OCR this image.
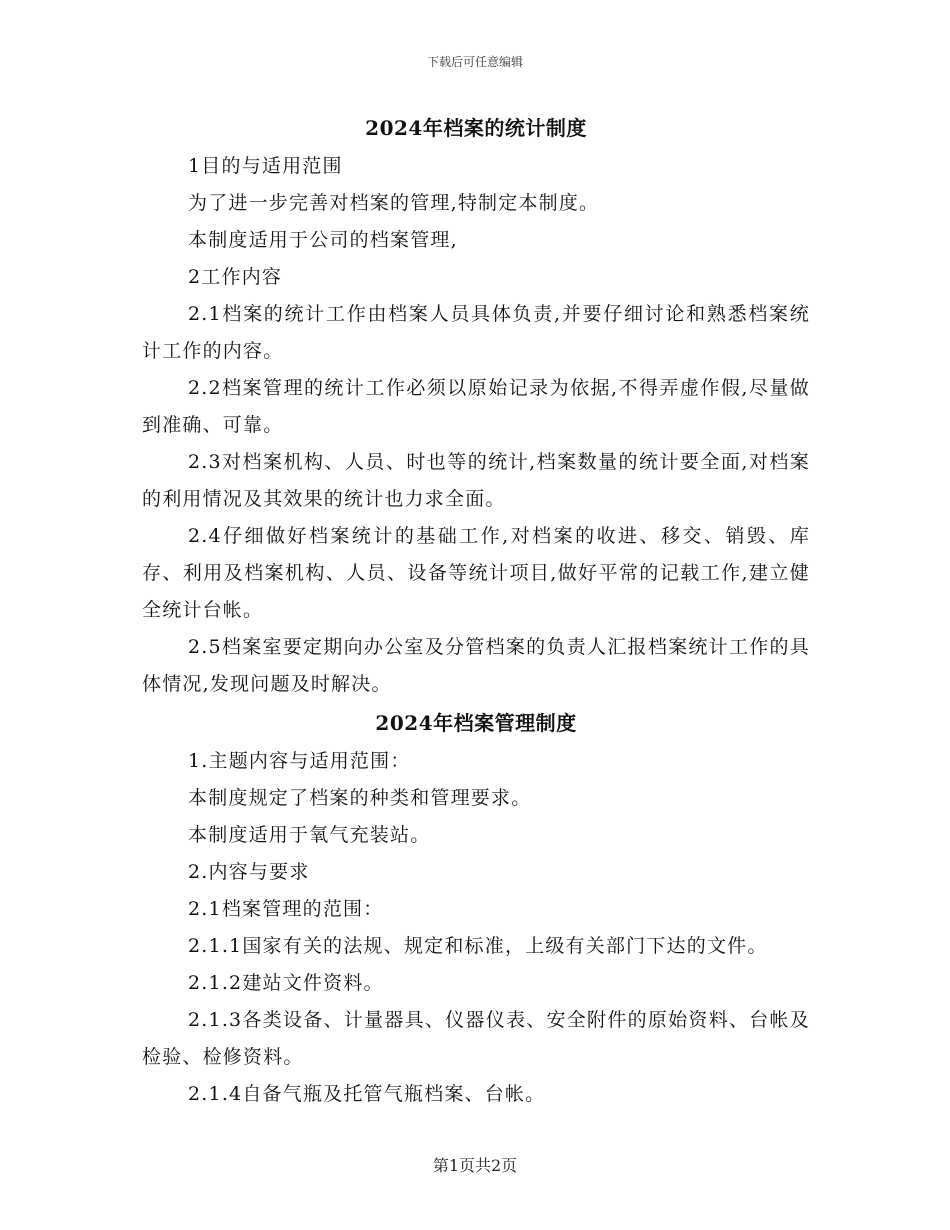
下载后可任意编辑
2024年档案的统计制度

1目的与适用范围

为了进一步完善对档案的管理,特制定本制度。

本制度适用于公司的档案管理,

2工作内容

2.1档案的统计工作由档案人员具体负责,并要仔细讨论和熟悉档案统计工作的内容。

2.2档案管理的统计工作必须以原始记录为依据,不得弄虚作假,尽量做到准确、可靠。

2.3对档案机构、人员、时也等的统计,档案数量的统计要全面,对档案的利用情况及其效果的统计也力求全面。

2.4仔细做好档案统计的基础工作,对档案的收进、移交、销毁、库存、利用及档案机构、人员、设备等统计项目,做好平常的记载工作,建立健全统计台帐。

2.5档案室要定期向办公室及分管档案的负责人汇报档案统计工作的具体情况,发现问题及时解决。

2024年档案管理制度

1.主题内容与适用范围：

本制度规定了档案的种类和管理要求。

本制度适用于氧气充装站。

2.内容与要求

2.1档案管理的范围：

2.1.1国家有关的法规、规定和标准，上级有关部门下达的文件。

2.1.2建站文件资料。

2.1.3各类设备、计量器具、仪器仪表、安全附件的原始资料、台帐及检验、检修资料。

2.1.4自备气瓶及托管气瓶档案、台帐。

第1页共2页
